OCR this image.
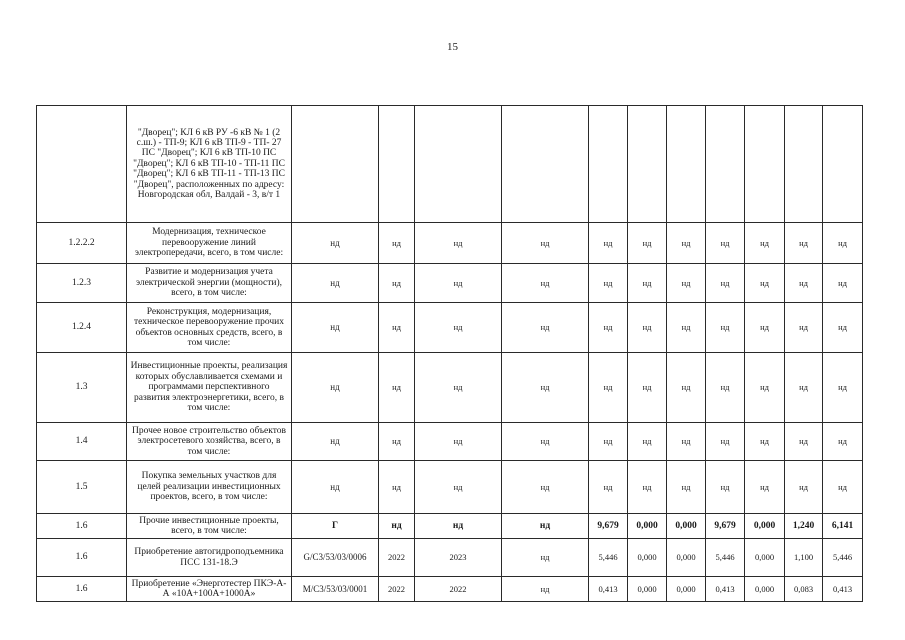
15
	"Дворец"; КЛ 6 кВ РУ -6 кВ № 1 (2 с.ш.) - ТП-9; КЛ 6 кВ ТП-9 - ТП- 27 ПС "Дворец"; КЛ 6 кВ ТП-10 ПС "Дворец"; КЛ 6 кВ ТП-10 - ТП-11 ПС "Дворец"; КЛ 6 кВ ТП-11 - ТП-13 ПС "Дворец", расположенных по адресу: Новгородская обл, Валдай - 3, в/т 1											
1.2.2.2	Модернизация, техническое перевооружение линий электропередачи, всего, в том числе:	нд	нд	нд	нд	нд	нд	нд	нд	нд	нд	нд
1.2.3	Развитие и модернизация учета электрической энергии (мощности), всего, в том числе:	нд	нд	нд	нд	нд	нд	нд	нд	нд	нд	нд
1.2.4	Реконструкция, модернизация, техническое перевооружение прочих объектов основных средств, всего, в том числе:	нд	нд	нд	нд	нд	нд	нд	нд	нд	нд	нд
1.3	Инвестиционные проекты, реализация которых обуславливается схемами и программами перспективного развития электроэнергетики, всего, в том числе:	нд	нд	нд	нд	нд	нд	нд	нд	нд	нд	нд
1.4	Прочее новое строительство объектов электросетевого хозяйства, всего, в том числе:	нд	нд	нд	нд	нд	нд	нд	нд	нд	нд	нд
1.5	Покупка земельных участков для целей реализации инвестиционных проектов, всего, в том числе:	нд	нд	нд	нд	нд	нд	нд	нд	нд	нд	нд
1.6	Прочие инвестиционные проекты, всего, в том числе:	Г	нд	нд	нд	9,679	0,000	0,000	9,679	0,000	1,240	6,141
1.6	Приобретение автогидроподъемника ПСС 131-18.Э	G/C3/53/03/0006	2022	2023	нд	5,446	0,000	0,000	5,446	0,000	1,100	5,446
1.6	Приобретение «Энерготестер ПКЭ-А-А «10А+100А+1000А»	M/C3/53/03/0001	2022	2022	нд	0,413	0,000	0,000	0,413	0,000	0,083	0,413
